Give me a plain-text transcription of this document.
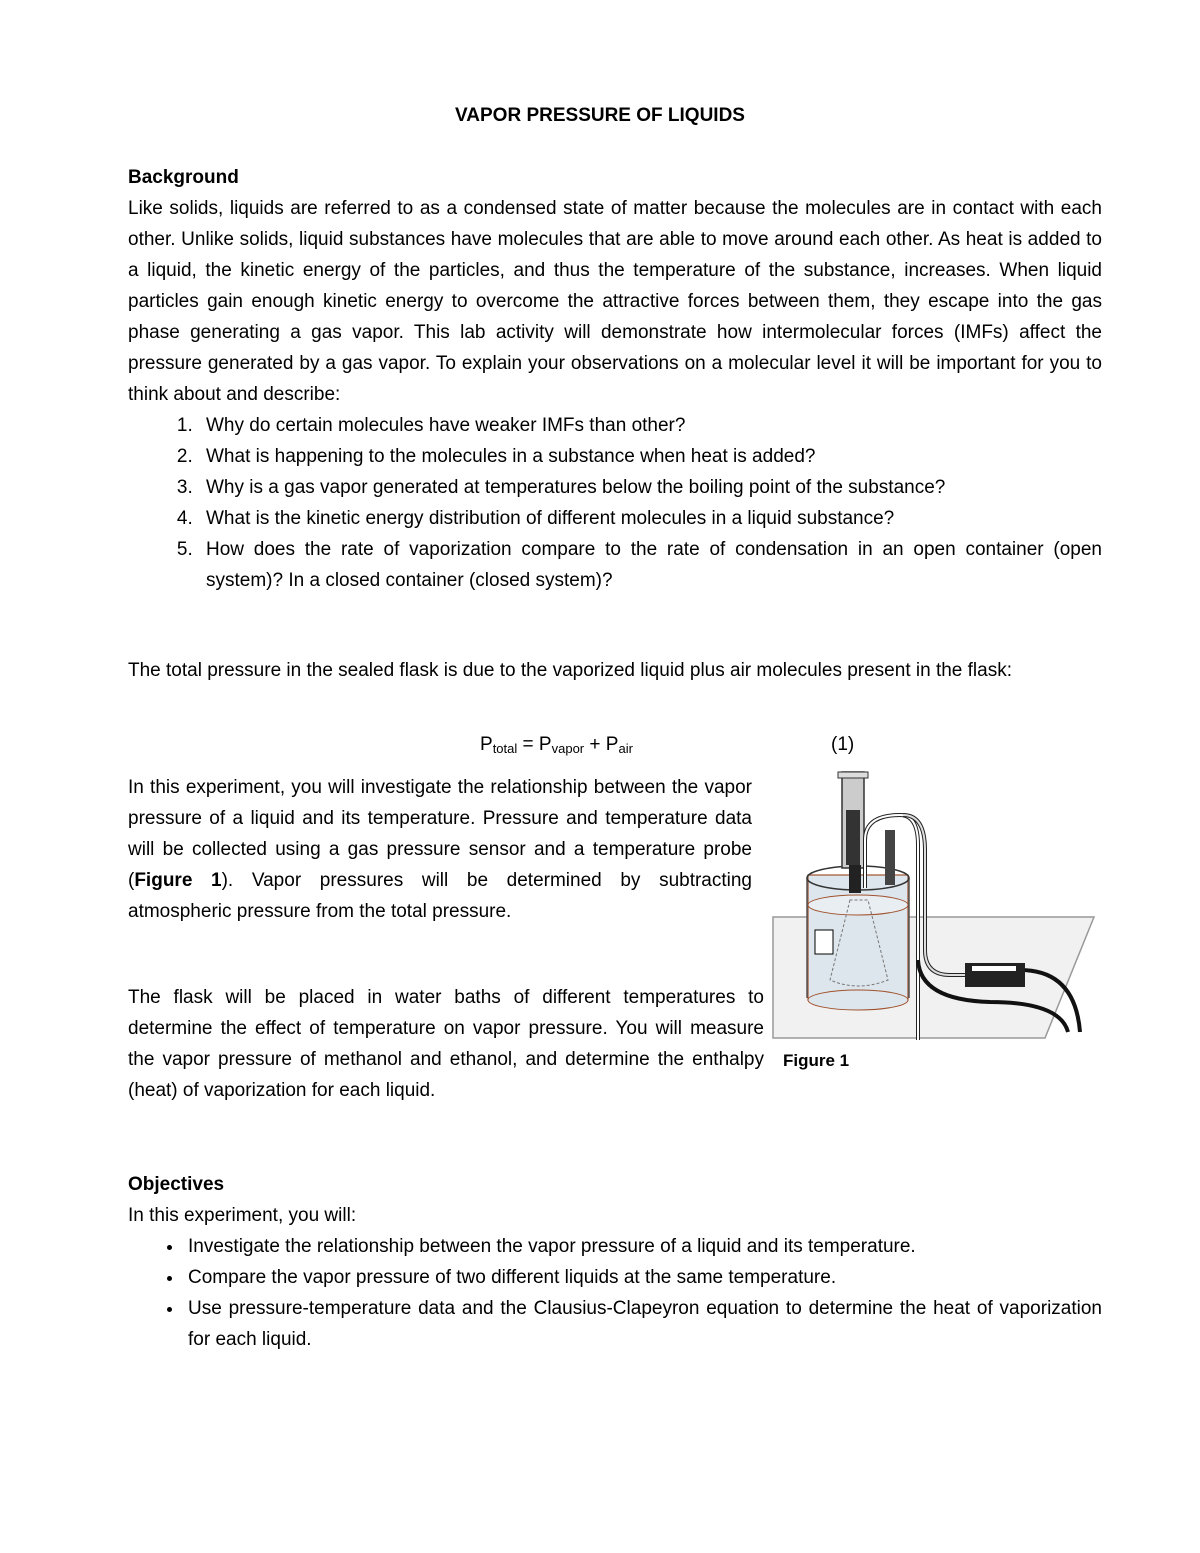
VAPOR PRESSURE OF LIQUIDS
Background

Like solids, liquids are referred to as a condensed state of matter because the molecules are in contact with each other. Unlike solids, liquid substances have molecules that are able to move around each other. As heat is added to a liquid, the kinetic energy of the particles, and thus the temperature of the substance, increases. When liquid particles gain enough kinetic energy to overcome the attractive forces between them, they escape into the gas phase generating a gas vapor. This lab activity will demonstrate how intermolecular forces (IMFs) affect the pressure generated by a gas vapor. To explain your observations on a molecular level it will be important for you to think about and describe:

1. Why do certain molecules have weaker IMFs than other?
2. What is happening to the molecules in a substance when heat is added?
3. Why is a gas vapor generated at temperatures below the boiling point of the substance?
4. What is the kinetic energy distribution of different molecules in a liquid substance?
5. How does the rate of vaporization compare to the rate of condensation in an open container (open system)? In a closed container (closed system)?

The total pressure in the sealed flask is due to the vaporized liquid plus air molecules present in the flask:

$P_{total} = P_{vapor} + P_{air}$	(1)

In this experiment, you will investigate the relationship between the vapor pressure of a liquid and its temperature. Pressure and temperature data will be collected using a gas pressure sensor and a temperature probe (Figure 1). Vapor pressures will be determined by subtracting atmospheric pressure from the total pressure.

The flask will be placed in water baths of different temperatures to determine the effect of temperature on vapor pressure. You will measure the vapor pressure of methanol and ethanol, and determine the enthalpy (heat) of vaporization for each liquid.

Figure 1
Objectives

In this experiment, you will:

• Investigate the relationship between the vapor pressure of a liquid and its temperature.
• Compare the vapor pressure of two different liquids at the same temperature.
• Use pressure-temperature data and the Clausius-Clapeyron equation to determine the heat of vaporization for each liquid.
